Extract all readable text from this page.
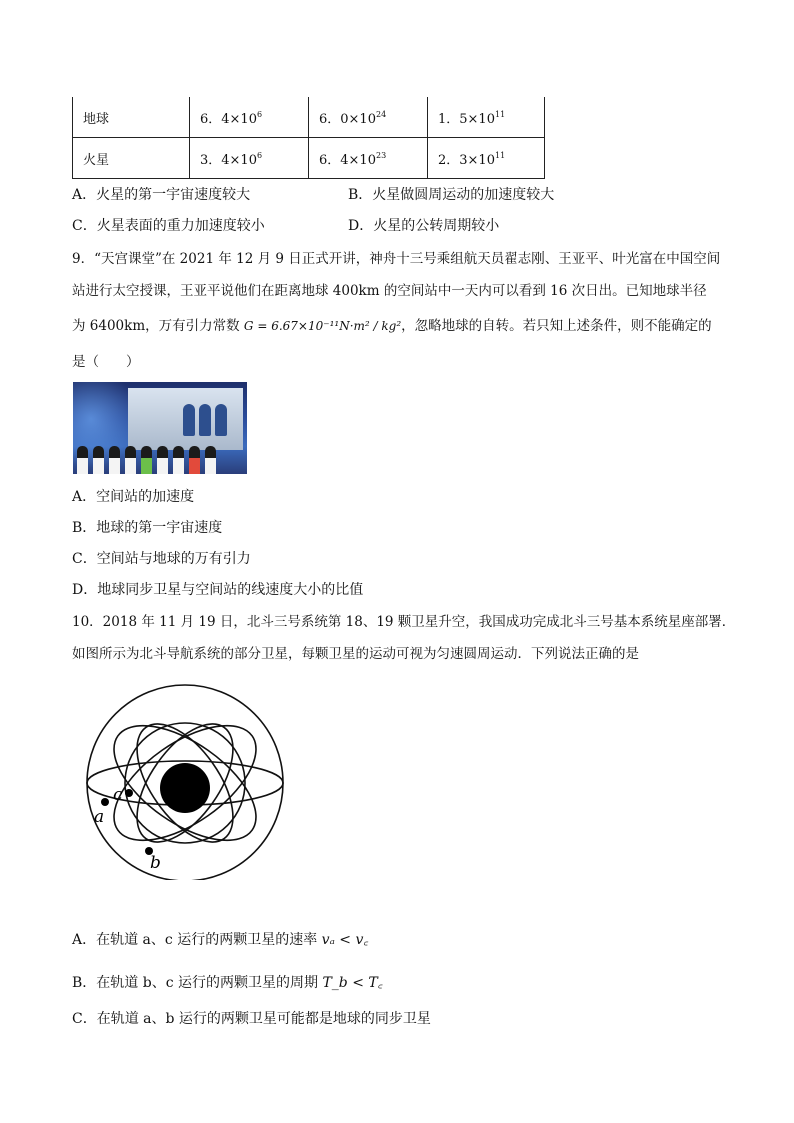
地球	6．$4\times 10^6$	6．$0\times 10^{24}$	1．$5\times 10^{11}$
火星	3．$4\times 10^6$	6．$4\times 10^{23}$	2．$3\times 10^{11}$
A．火星的第一宇宙速度较大	B．火星做圆周运动的加速度较大
C．火星表面的重力加速度较小	D．火星的公转周期较小
9．“天宫课堂”在 2021 年 12 月 9 日正式开讲，神舟十三号乘组航天员翟志刚、王亚平、叶光富在中国空间
站进行太空授课，王亚平说他们在距离地球 400km 的空间站中一天内可以看到 16 次日出。已知地球半径
为 6400km，万有引力常数 G = 6.67×10⁻¹¹N·m² / kg²，忽略地球的自转。若只知上述条件，则不能确定的
是（　　）
A．空间站的加速度
B．地球的第一宇宙速度
C．空间站与地球的万有引力
D．地球同步卫星与空间站的线速度大小的比值
10．2018 年 11 月 19 日，北斗三号系统第 18、19 颗卫星升空，我国成功完成北斗三号基本系统星座部署．
如图所示为北斗导航系统的部分卫星，每颗卫星的运动可视为匀速圆周运动．下列说法正确的是
a
c
b
A．在轨道 a、c 运行的两颗卫星的速率 vₐ < v꜀
B．在轨道 b、c 运行的两颗卫星的周期 T_b < T꜀
C．在轨道 a、b 运行的两颗卫星可能都是地球的同步卫星
